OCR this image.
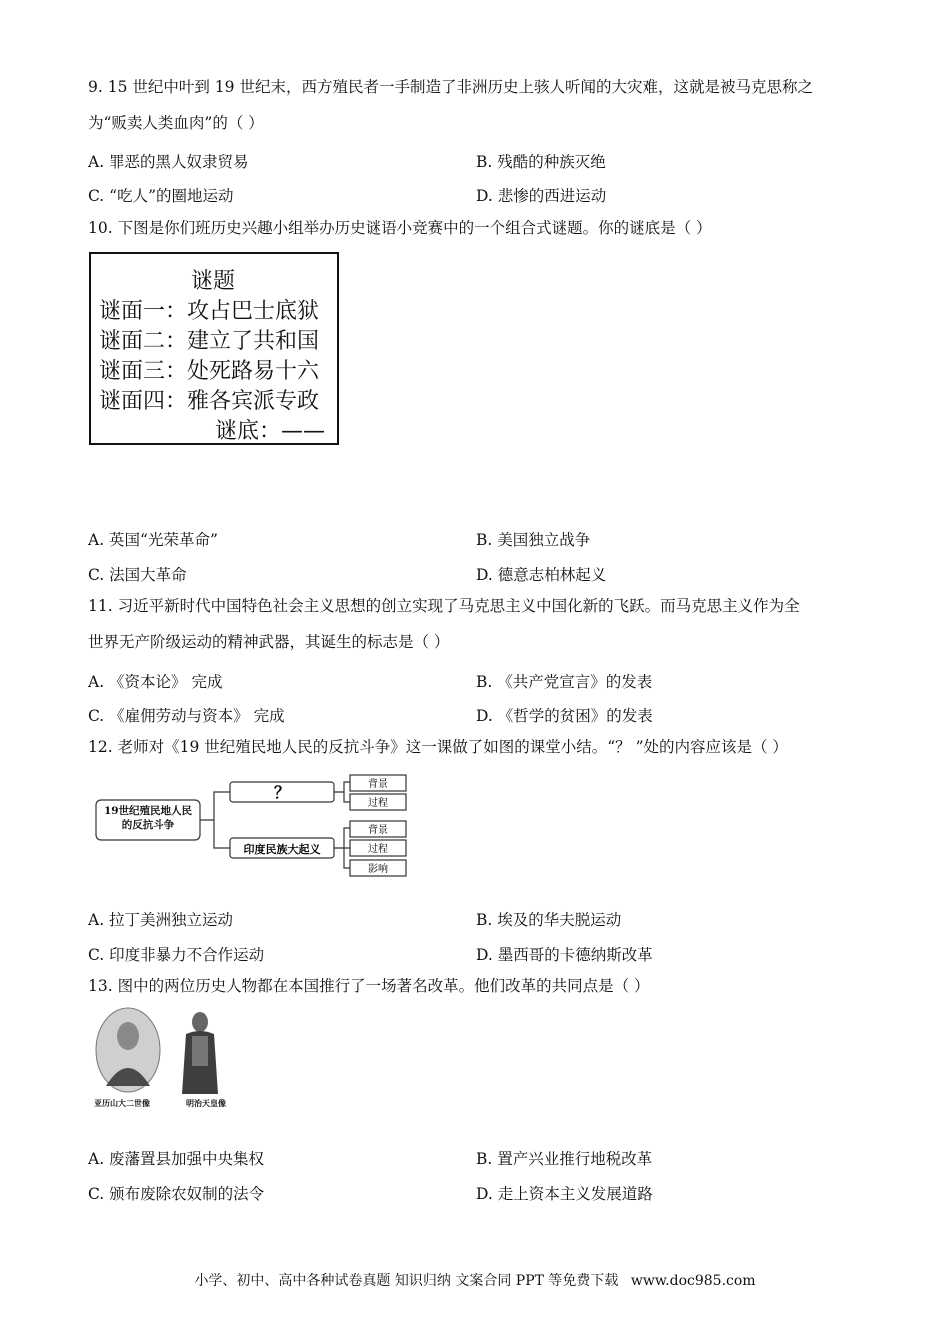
9. 15 世纪中叶到 19 世纪末，西方殖民者一手制造了非洲历史上骇人听闻的大灾难，这就是被马克思称之
为“贩卖人类血肉”的（ ）
A. 罪恶的黑人奴隶贸易	B. 残酷的种族灭绝
C. “吃人”的圈地运动	D. 悲惨的西进运动
10. 下图是你们班历史兴趣小组举办历史谜语小竞赛中的一个组合式谜题。你的谜底是（ ）
谜题
谜面一：攻占巴士底狱
谜面二：建立了共和国
谜面三：处死路易十六
谜面四：雅各宾派专政
谜底：——
A. 英国“光荣革命”	B. 美国独立战争
C. 法国大革命	D. 德意志柏林起义
11. 习近平新时代中国特色社会主义思想的创立实现了马克思主义中国化新的飞跃。而马克思主义作为全
世界无产阶级运动的精神武器，其诞生的标志是（ ）
A. 《资本论》 完成	B. 《共产党宣言》的发表
C. 《雇佣劳动与资本》 完成	D. 《哲学的贫困》的发表
12. 老师对《19 世纪殖民地人民的反抗斗争》这一课做了如图的课堂小结。“？ ”处的内容应该是（ ）
19世纪殖民地人民的反抗斗争
？
印度民族大起义
背景
过程
背景
过程
影响
A. 拉丁美洲独立运动	B. 埃及的华夫脱运动
C. 印度非暴力不合作运动	D. 墨西哥的卡德纳斯改革
13. 图中的两位历史人物都在本国推行了一场著名改革。他们改革的共同点是（ ）
亚历山大二世像	明治天皇像
A. 废藩置县加强中央集权	B. 置产兴业推行地税改革
C. 颁布废除农奴制的法令	D. 走上资本主义发展道路
小学、初中、高中各种试卷真题 知识归纳 文案合同 PPT 等免费下载 www.doc985.com
